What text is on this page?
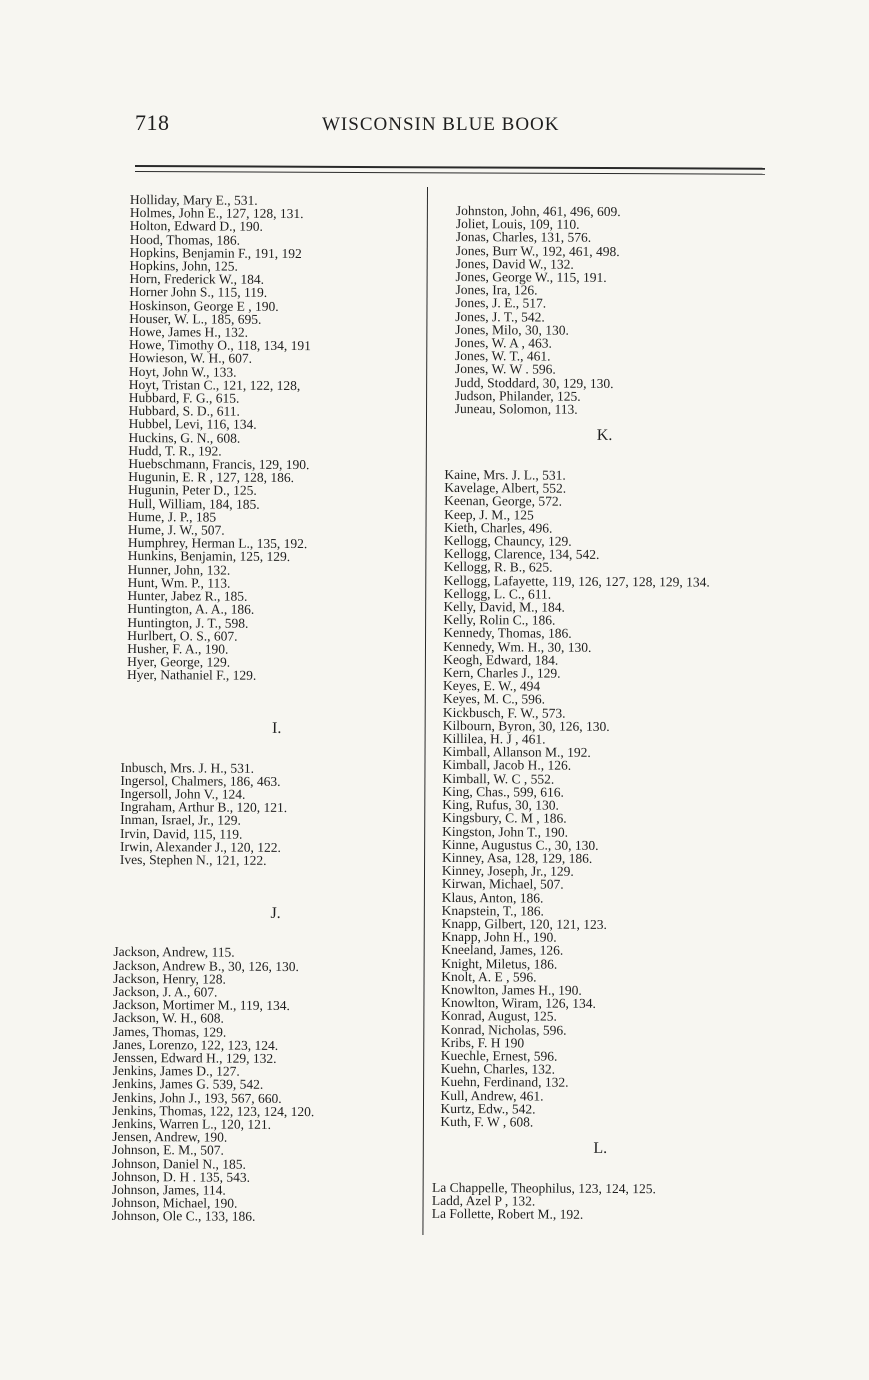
718	WISCONSIN BLUE BOOK

Holliday, Mary E., 531.

Holmes, John E., 127, 128, 131.

Holton, Edward D., 190.

Hood, Thomas, 186.

Hopkins, Benjamin F., 191, 192

Hopkins, John, 125.

Horn, Frederick W., 184.

Horner John S., 115, 119.

Hoskinson, George E , 190.

Houser, W. L., 185, 695.

Howe, James H., 132.

Howe, Timothy O., 118, 134, 191

Howieson, W. H., 607.

Hoyt, John W., 133.

Hoyt, Tristan C., 121, 122, 128,

Hubbard, F. G., 615.

Hubbard, S. D., 611.

Hubbel, Levi, 116, 134.

Huckins, G. N., 608.

Hudd, T. R., 192.

Huebschmann, Francis, 129, 190.

Hugunin, E. R , 127, 128, 186.

Hugunin, Peter D., 125.

Hull, William, 184, 185.

Hume, J. P., 185

Hume, J. W., 507.

Humphrey, Herman L., 135, 192.

Hunkins, Benjamin, 125, 129.

Hunner, John, 132.

Hunt, Wm. P., 113.

Hunter, Jabez R., 185.

Huntington, A. A., 186.

Huntington, J. T., 598.

Hurlbert, O. S., 607.

Husher, F. A., 190.

Hyer, George, 129.

Hyer, Nathaniel F., 129.

I.

Inbusch, Mrs. J. H., 531.

Ingersol, Chalmers, 186, 463.

Ingersoll, John V., 124.

Ingraham, Arthur B., 120, 121.

Inman, Israel, Jr., 129.

Irvin, David, 115, 119.

Irwin, Alexander J., 120, 122.

Ives, Stephen N., 121, 122.

J.

Jackson, Andrew, 115.

Jackson, Andrew B., 30, 126, 130.

Jackson, Henry, 128.

Jackson, J. A., 607.

Jackson, Mortimer M., 119, 134.

Jackson, W. H., 608.

James, Thomas, 129.

Janes, Lorenzo, 122, 123, 124.

Jenssen, Edward H., 129, 132.

Jenkins, James D., 127.

Jenkins, James G. 539, 542.

Jenkins, John J., 193, 567, 660.

Jenkins, Thomas, 122, 123, 124, 120.

Jenkins, Warren L., 120, 121.

Jensen, Andrew, 190.

Johnson, E. M., 507.

Johnson, Daniel N., 185.

Johnson, D. H . 135, 543.

Johnson, James, 114.

Johnson, Michael, 190.

Johnson, Ole C., 133, 186.

Johnston, John, 461, 496, 609.

Joliet, Louis, 109, 110.

Jonas, Charles, 131, 576.

Jones, Burr W., 192, 461, 498.

Jones, David W., 132.

Jones, George W., 115, 191.

Jones, Ira, 126.

Jones, J. E., 517.

Jones, J. T., 542.

Jones, Milo, 30, 130.

Jones, W. A , 463.

Jones, W. T., 461.

Jones, W. W . 596.

Judd, Stoddard, 30, 129, 130.

Judson, Philander, 125.

Juneau, Solomon, 113.

K.

Kaine, Mrs. J. L., 531.

Kavelage, Albert, 552.

Keenan, George, 572.

Keep, J. M., 125

Kieth, Charles, 496.

Kellogg, Chauncy, 129.

Kellogg, Clarence, 134, 542.

Kellogg, R. B., 625.

Kellogg, Lafayette, 119, 126, 127, 128, 129, 134.

Kellogg, L. C., 611.

Kelly, David, M., 184.

Kelly, Rolin C., 186.

Kennedy, Thomas, 186.

Kennedy, Wm. H., 30, 130.

Keogh, Edward, 184.

Kern, Charles J., 129.

Keyes, E. W., 494

Keyes, M. C., 596.

Kickbusch, F. W., 573.

Kilbourn, Byron, 30, 126, 130.

Killilea, H. J , 461.

Kimball, Allanson M., 192.

Kimball, Jacob H., 126.

Kimball, W. C , 552.

King, Chas., 599, 616.

King, Rufus, 30, 130.

Kingsbury, C. M , 186.

Kingston, John T., 190.

Kinne, Augustus C., 30, 130.

Kinney, Asa, 128, 129, 186.

Kinney, Joseph, Jr., 129.

Kirwan, Michael, 507.

Klaus, Anton, 186.

Knapstein, T., 186.

Knapp, Gilbert, 120, 121, 123.

Knapp, John H., 190.

Kneeland, James, 126.

Knight, Miletus, 186.

Knolt, A. E , 596.

Knowlton, James H., 190.

Knowlton, Wiram, 126, 134.

Konrad, August, 125.

Konrad, Nicholas, 596.

Kribs, F. H 190

Kuechle, Ernest, 596.

Kuehn, Charles, 132.

Kuehn, Ferdinand, 132.

Kull, Andrew, 461.

Kurtz, Edw., 542.

Kuth, F. W , 608.

L.

La Chappelle, Theophilus, 123, 124, 125.

Ladd, Azel P , 132.

La Follette, Robert M., 192.
